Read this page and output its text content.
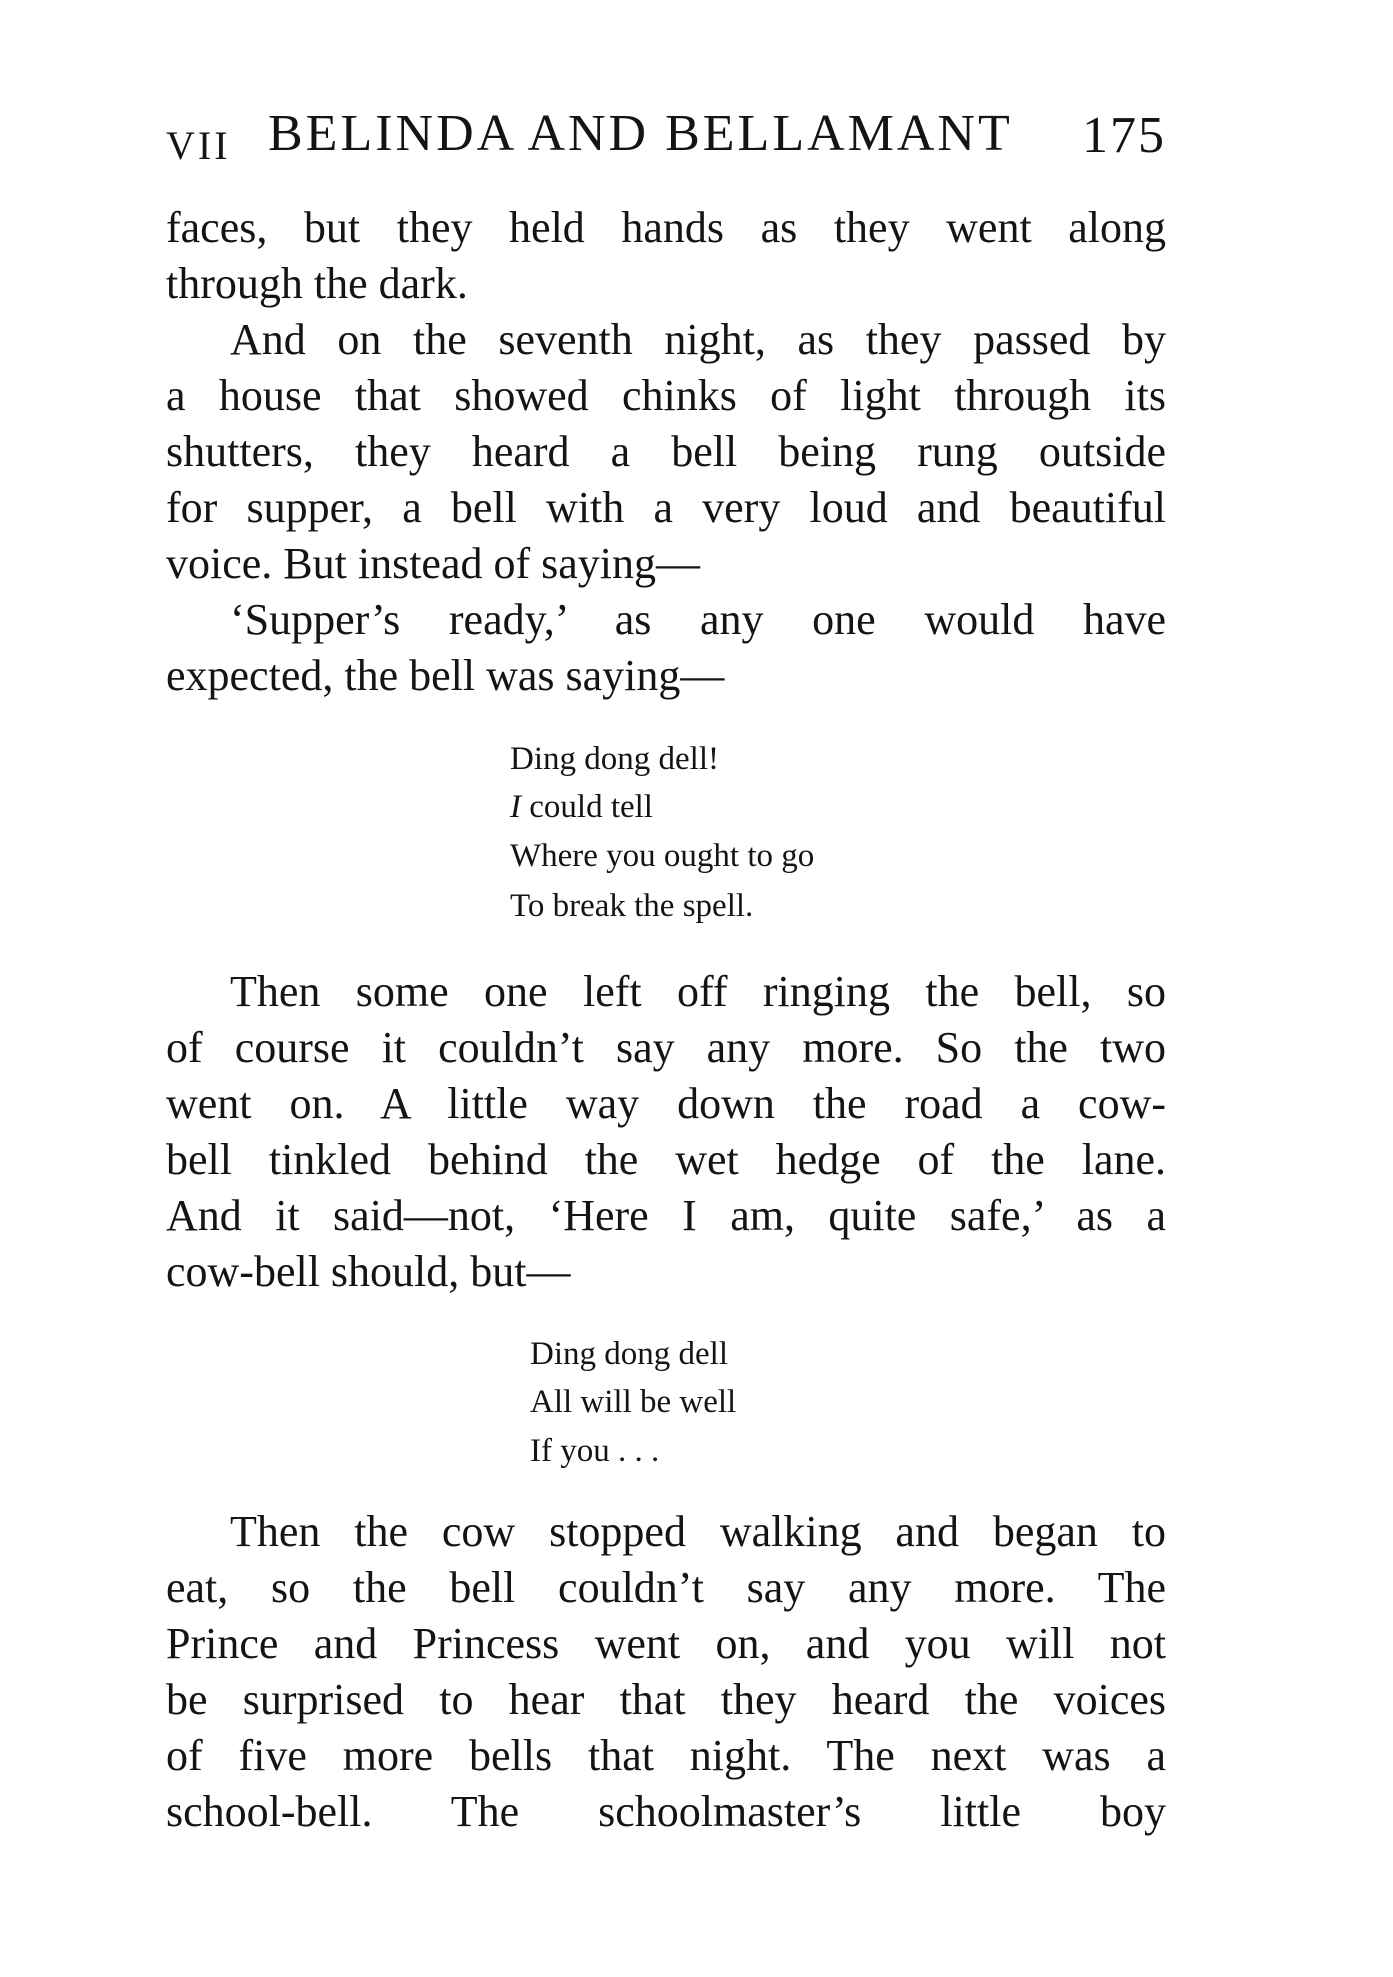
VII BELINDA AND BELLAMANT 175
faces, but they held hands as they went along
through the dark.
And on the seventh night, as they passed by
a house that showed chinks of light through its
shutters, they heard a bell being rung outside
for supper, a bell with a very loud and beautiful
voice. But instead of saying—
‘Supper’s ready,’ as any one would have
expected, the bell was saying—
Ding dong dell!
I could tell
Where you ought to go
To break the spell.
Then some one left off ringing the bell, so
of course it couldn’t say any more. So the two
went on. A little way down the road a cow-
bell tinkled behind the wet hedge of the lane.
And it said—not, ‘Here I am, quite safe,’ as a
cow-bell should, but—
Ding dong dell
All will be well
If you . . .
Then the cow stopped walking and began to
eat, so the bell couldn’t say any more. The
Prince and Princess went on, and you will not
be surprised to hear that they heard the voices
of five more bells that night. The next was a
school-bell. The schoolmaster’s little boy
